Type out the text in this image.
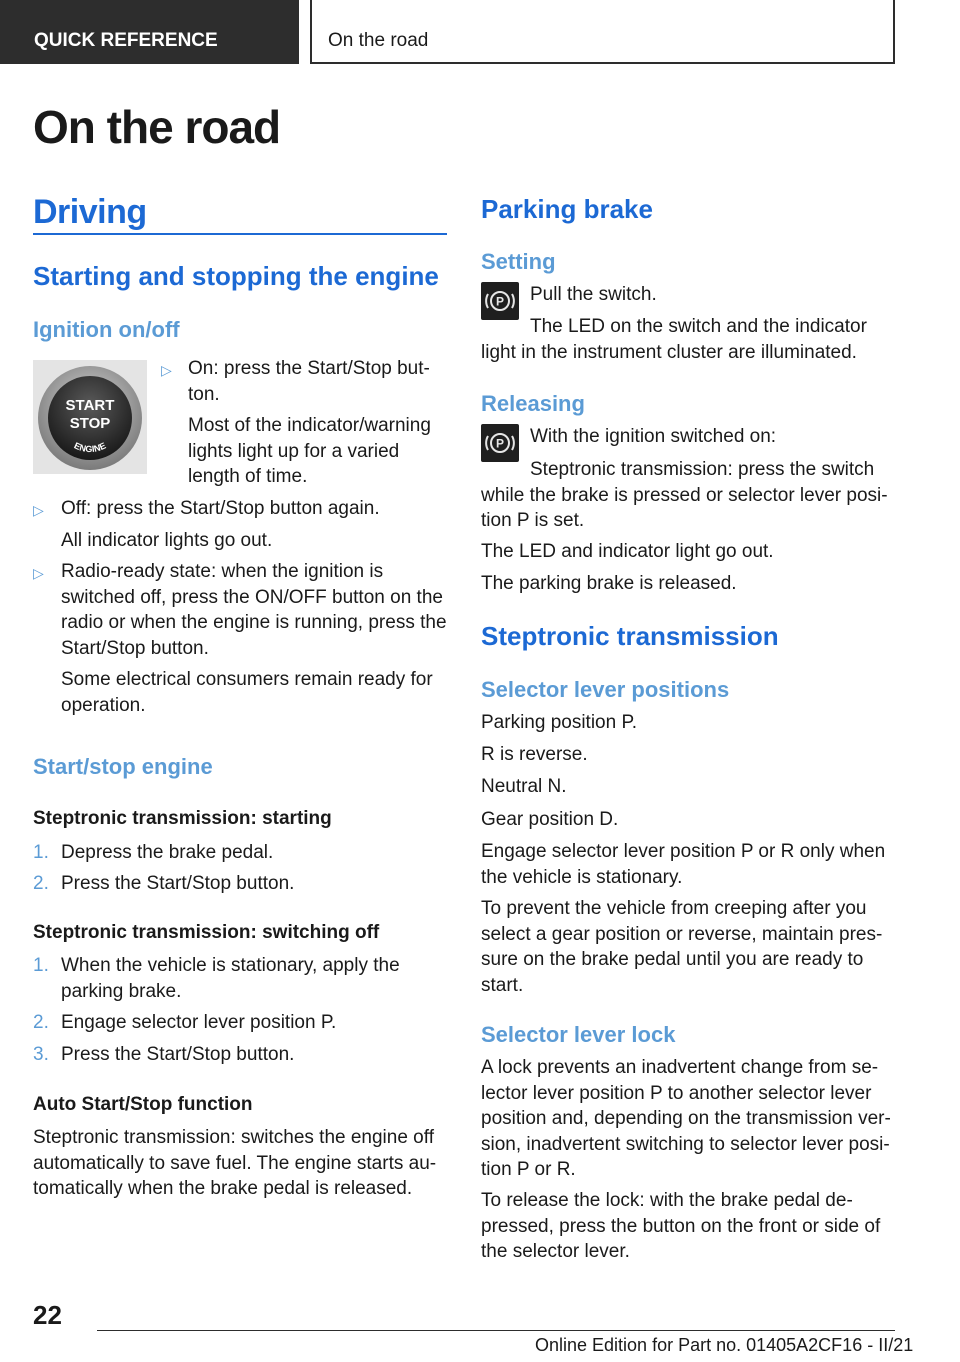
QUICK REFERENCE	On the road
On the road
Driving
Starting and stopping the engine
Ignition on/off
START
STOP
ENGINE
▷ On: press the Start/Stop but-ton.

Most of the indicator/warning lights light up for a varied length of time.

▷ Off: press the Start/Stop button again.

All indicator lights go out.

▷ Radio-ready state: when the ignition is switched off, press the ON/OFF button on the radio or when the engine is running, press the Start/Stop button.

Some electrical consumers remain ready for operation.

Start/stop engine
Steptronic transmission: starting
1. Depress the brake pedal.

2. Press the Start/Stop button.

Steptronic transmission: switching off
1. When the vehicle is stationary, apply the parking brake.

2. Engage selector lever position P.

3. Press the Start/Stop button.

Auto Start/Stop function

Steptronic transmission: switches the engine off automatically to save fuel. The engine starts au-tomatically when the brake pedal is released.

Parking brake
Setting
P Pull the switch.

The LED on the switch and the indicator light in the instrument cluster are illuminated.

Releasing
P With the ignition switched on:

Steptronic transmission: press the switch while the brake is pressed or selector lever posi-tion P is set.

The LED and indicator light go out.

The parking brake is released.

Steptronic transmission
Selector lever positions

Parking position P.

R is reverse.

Neutral N.

Gear position D.

Engage selector lever position P or R only when the vehicle is stationary.

To prevent the vehicle from creeping after you select a gear position or reverse, maintain pres-sure on the brake pedal until you are ready to start.

Selector lever lock

A lock prevents an inadvertent change from se-lector lever position P to another selector lever position and, depending on the transmission ver-sion, inadvertent switching to selector lever posi-tion P or R.

To release the lock: with the brake pedal de-pressed, press the button on the front or side of the selector lever.

22

Online Edition for Part no. 01405A2CF16 - II/21
